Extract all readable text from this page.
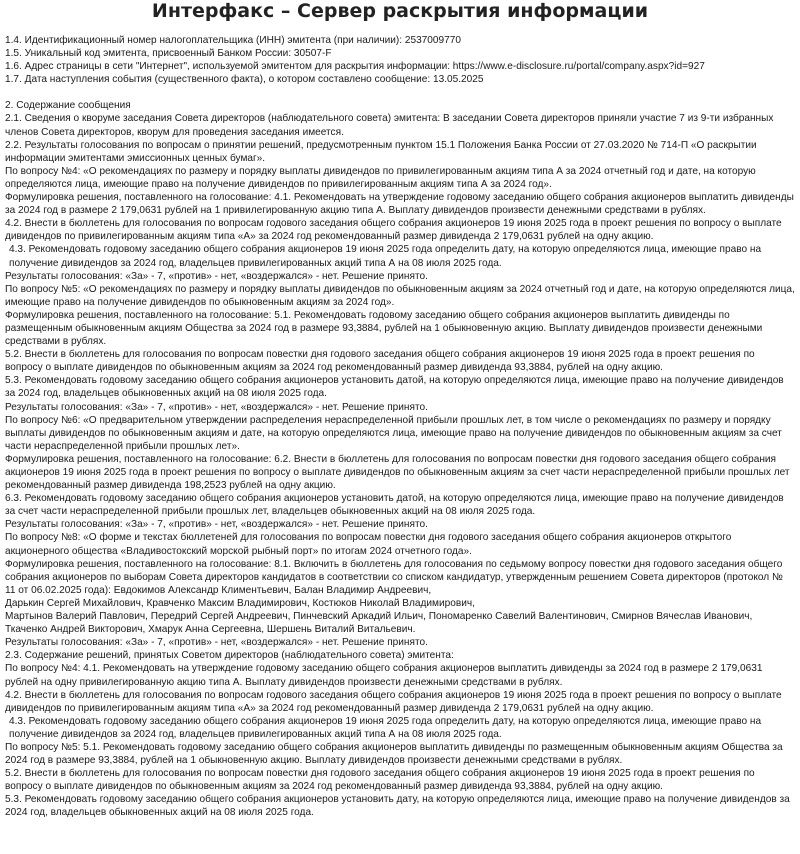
Интерфакс – Сервер раскрытия информации

1.4. Идентификационный номер налогоплательщика (ИНН) эмитента (при наличии): 2537009770

1.5. Уникальный код эмитента, присвоенный Банком России: 30507-F

1.6. Адрес страницы в сети "Интернет", используемой эмитентом для раскрытия информации: https://www.e-disclosure.ru/portal/company.aspx?id=927

1.7. Дата наступления события (существенного факта), о котором составлено сообщение: 13.05.2025

2. Содержание сообщения

2.1. Сведения о кворуме заседания Совета директоров (наблюдательного совета) эмитента: В заседании Совета директоров приняли участие 7 из 9-ти избранных членов Совета директоров, кворум для проведения заседания имеется.

2.2. Результаты голосования по вопросам о принятии решений, предусмотренным пунктом 15.1 Положения Банка России от 27.03.2020 № 714-П «О раскрытии информации эмитентами эмиссионных ценных бумаг».

По вопросу №4: «О рекомендациях по размеру и порядку выплаты дивидендов по привилегированным акциям типа А за 2024 отчетный год и дате, на которую определяются лица, имеющие право на получение дивидендов по привилегированным акциям типа А за 2024 год».

Формулировка решения, поставленного на голосование: 4.1. Рекомендовать на утверждение годовому заседанию общего собрания акционеров выплатить дивиденды за 2024 год в размере 2 179,0631 рублей на 1 привилегированную акцию типа А. Выплату дивидендов произвести денежными средствами в рублях.

4.2. Внести в бюллетень для голосования по вопросам годового заседания общего собрания акционеров 19 июня 2025 года в проект решения по вопросу о выплате дивидендов по привилегированным акциям типа «А» за 2024 год рекомендованный размер дивиденда 2 179,0631 рублей на одну акцию.

4.3. Рекомендовать годовому заседанию общего собрания акционеров 19 июня 2025 года определить дату, на которую определяются лица, имеющие право на получение дивидендов за 2024 год, владельцев привилегированных акций типа А на 08 июля 2025 года.

Результаты голосования: «За» - 7, «против» - нет, «воздержался» - нет. Решение принято.

По вопросу №5: «О рекомендациях по размеру и порядку выплаты дивидендов по обыкновенным акциям за 2024 отчетный год и дате, на которую определяются лица, имеющие право на получение дивидендов по обыкновенным акциям за 2024 год».

Формулировка решения, поставленного на голосование: 5.1. Рекомендовать годовому заседанию общего собрания акционеров выплатить дивиденды по размещенным обыкновенным акциям Общества за 2024 год в размере 93,3884, рублей на 1 обыкновенную акцию. Выплату дивидендов произвести денежными средствами в рублях.

5.2. Внести в бюллетень для голосования по вопросам повестки дня годового заседания общего собрания акционеров 19 июня 2025 года в проект решения по вопросу о выплате дивидендов по обыкновенным акциям за 2024 год рекомендованный размер дивиденда 93,3884, рублей на одну акцию.

5.3. Рекомендовать годовому заседанию общего собрания акционеров установить датой, на которую определяются лица, имеющие право на получение дивидендов за 2024 год, владельцев обыкновенных акций на 08 июля 2025 года.

Результаты голосования: «За» - 7, «против» - нет, «воздержался» - нет. Решение принято.

По вопросу №6: «О предварительном утверждении распределения нераспределенной прибыли прошлых лет, в том числе о рекомендациях по размеру и порядку выплаты дивидендов по обыкновенным акциям и дате, на которую определяются лица, имеющие право на получение дивидендов по обыкновенным акциям за счет части нераспределенной прибыли прошлых лет».

Формулировка решения, поставленного на голосование: 6.2. Внести в бюллетень для голосования по вопросам повестки дня годового заседания общего собрания акционеров 19 июня 2025 года в проект решения по вопросу о выплате дивидендов по обыкновенным акциям за счет части нераспределенной прибыли прошлых лет рекомендованный размер дивиденда 198,2523 рублей на одну акцию.

6.3. Рекомендовать годовому заседанию общего собрания акционеров установить датой, на которую определяются лица, имеющие право на получение дивидендов за счет части нераспределенной прибыли прошлых лет, владельцев обыкновенных акций на 08 июля 2025 года.

Результаты голосования: «За» - 7, «против» - нет, «воздержался» - нет. Решение принято.

По вопросу №8: «О форме и текстах бюллетеней для голосования по вопросам повестки дня годового заседания общего собрания акционеров открытого акционерного общества «Владивостокский морской рыбный порт» по итогам 2024 отчетного года».

Формулировка решения, поставленного на голосование: 8.1. Включить в бюллетень для голосования по седьмому вопросу повестки дня годового заседания общего собрания акционеров по выборам Совета директоров кандидатов в соответствии со списком кандидатур, утвержденным решением Совета директоров (протокол № 11 от 06.02.2025 года): Евдокимов Александр Климентьевич, Балан Владимир Андреевич,

Дарькин Сергей Михайлович, Кравченко Максим Владимирович, Костюков Николай Владимирович,

Мартынов Валерий Павлович, Передрий Сергей Андреевич, Пинчевский Аркадий Ильич, Пономаренко Савелий Валентинович, Смирнов Вячеслав Иванович, Ткаченко Андрей Викторович, Хмарук Анна Сергеевна, Шершень Виталий Витальевич.

Результаты голосования: «За» - 7, «против» - нет, «воздержался» - нет. Решение принято.

2.3. Содержание решений, принятых Советом директоров (наблюдательного совета) эмитента:

По вопросу №4: 4.1. Рекомендовать на утверждение годовому заседанию общего собрания акционеров выплатить дивиденды за 2024 год в размере 2 179,0631 рублей на одну привилегированную акцию типа А. Выплату дивидендов произвести денежными средствами в рублях.

4.2. Внести в бюллетень для голосования по вопросам годового заседания общего собрания акционеров 19 июня 2025 года в проект решения по вопросу о выплате дивидендов по привилегированным акциям типа «А» за 2024 год рекомендованный размер дивиденда 2 179,0631 рублей на одну акцию.

4.3. Рекомендовать годовому заседанию общего собрания акционеров 19 июня 2025 года определить дату, на которую определяются лица, имеющие право на получение дивидендов за 2024 год, владельцев привилегированных акций типа А на 08 июля 2025 года.

По вопросу №5: 5.1. Рекомендовать годовому заседанию общего собрания акционеров выплатить дивиденды по размещенным обыкновенным акциям Общества за 2024 год в размере 93,3884, рублей на 1 обыкновенную акцию. Выплату дивидендов произвести денежными средствами в рублях.

5.2. Внести в бюллетень для голосования по вопросам повестки дня годового заседания общего собрания акционеров 19 июня 2025 года в проект решения по вопросу о выплате дивидендов по обыкновенным акциям за 2024 год рекомендованный размер дивиденда 93,3884, рублей на одну акцию.

5.3. Рекомендовать годовому заседанию общего собрания акционеров установить дату, на которую определяются лица, имеющие право на получение дивидендов за 2024 год, владельцев обыкновенных акций на 08 июля 2025 года.
